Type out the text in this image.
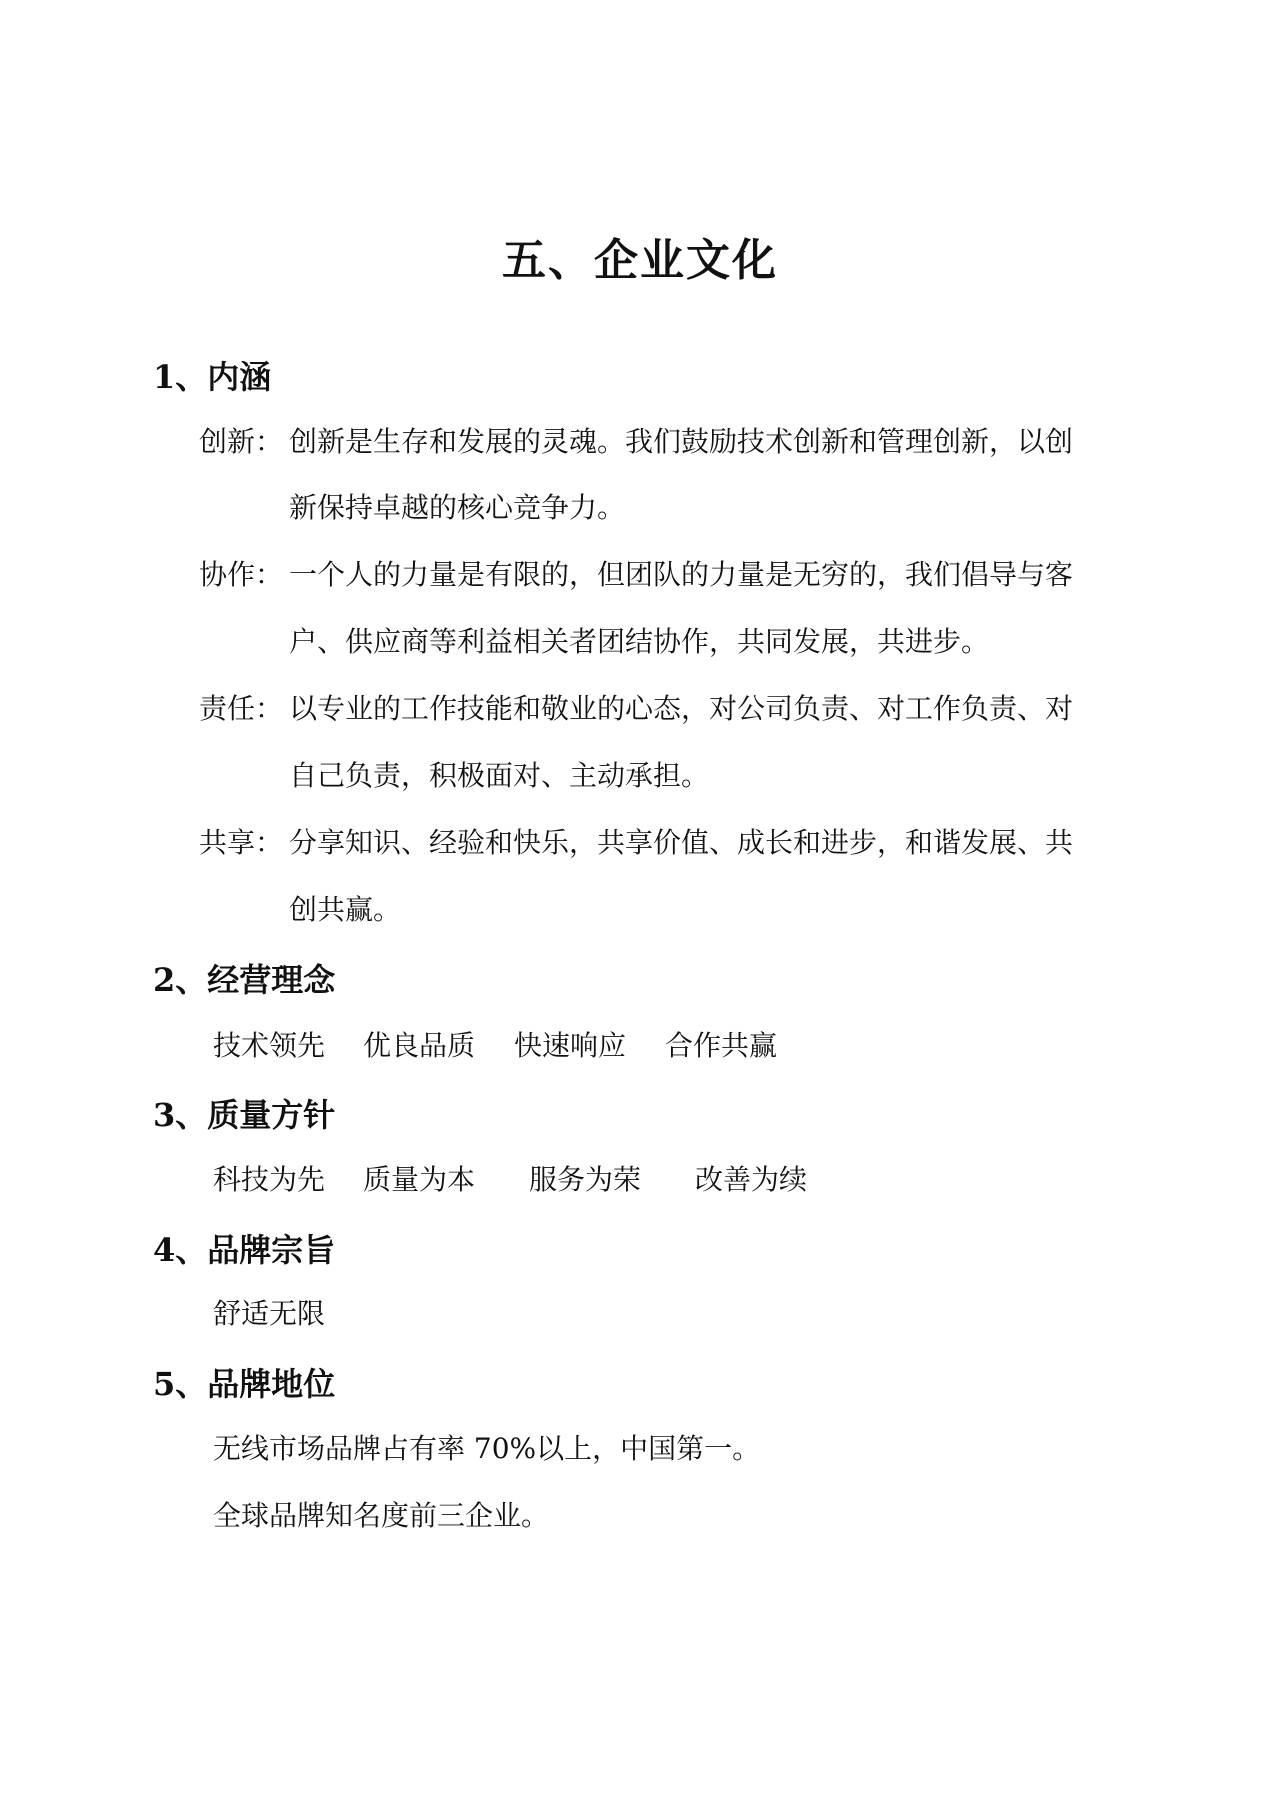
五、企业文化
1、内涵
创新： 创新是生存和发展的灵魂。我们鼓励技术创新和管理创新，以创
新保持卓越的核心竞争力。
协作： 一个人的力量是有限的，但团队的力量是无穷的，我们倡导与客
户、供应商等利益相关者团结协作，共同发展，共进步。
责任： 以专业的工作技能和敬业的心态，对公司负责、对工作负责、对
自己负责，积极面对、主动承担。
共享： 分享知识、经验和快乐，共享价值、成长和进步，和谐发展、共
创共赢。
2、经营理念
技术领先 优良品质 快速响应 合作共赢
3、质量方针
科技为先 质量为本 服务为荣 改善为续
4、品牌宗旨
舒适无限
5、品牌地位
无线市场品牌占有率 70%以上，中国第一。
全球品牌知名度前三企业。
